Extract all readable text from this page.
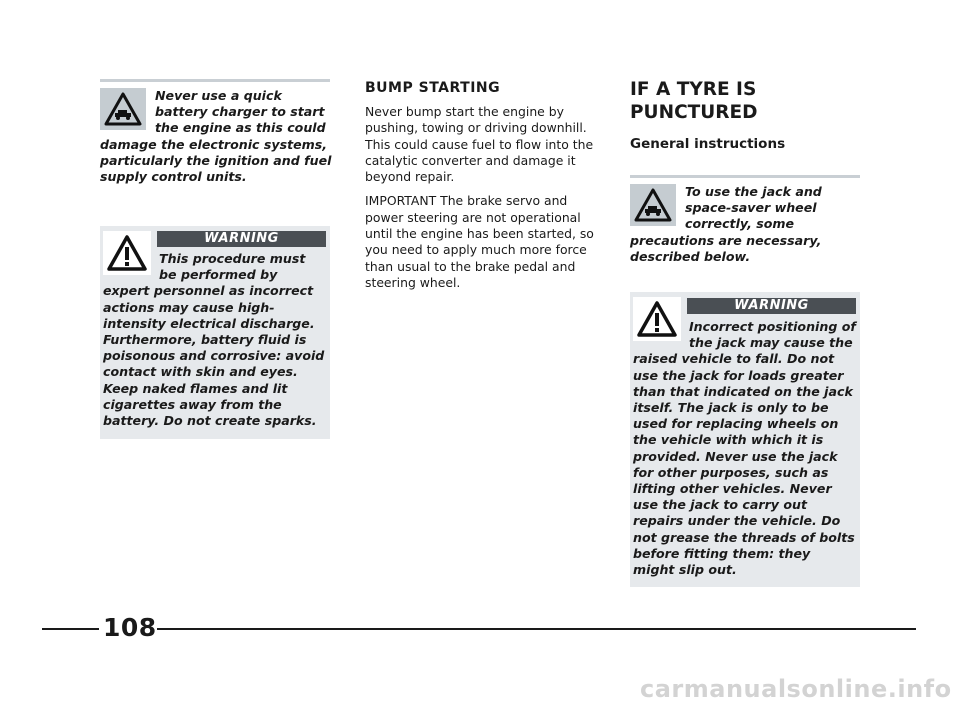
Never use a quick battery charger to start the engine as this could damage the electronic systems, particularly the ignition and fuel supply control units.

WARNING

This procedure must be performed by expert personnel as incorrect actions may cause high-intensity electrical discharge. Furthermore, battery fluid is poisonous and corrosive: avoid contact with skin and eyes. Keep naked flames and lit cigarettes away from the battery. Do not create sparks.

BUMP STARTING

Never bump start the engine by pushing, towing or driving downhill. This could cause fuel to flow into the catalytic converter and damage it beyond repair.

IMPORTANT The brake servo and power steering are not operational until the engine has been started, so you need to apply much more force than usual to the brake pedal and steering wheel.

IF A TYRE IS

PUNCTURED

General instructions

To use the jack and space-saver wheel correctly, some precautions are necessary, described below.

WARNING

Incorrect positioning of the jack may cause the raised vehicle to fall. Do not use the jack for loads greater than that indicated on the jack itself. The jack is only to be used for replacing wheels on the vehicle with which it is provided. Never use the jack for other purposes, such as lifting other vehicles. Never use the jack to carry out repairs under the vehicle. Do not grease the threads of bolts before fitting them: they might slip out.

108
carmanualsonline.info
